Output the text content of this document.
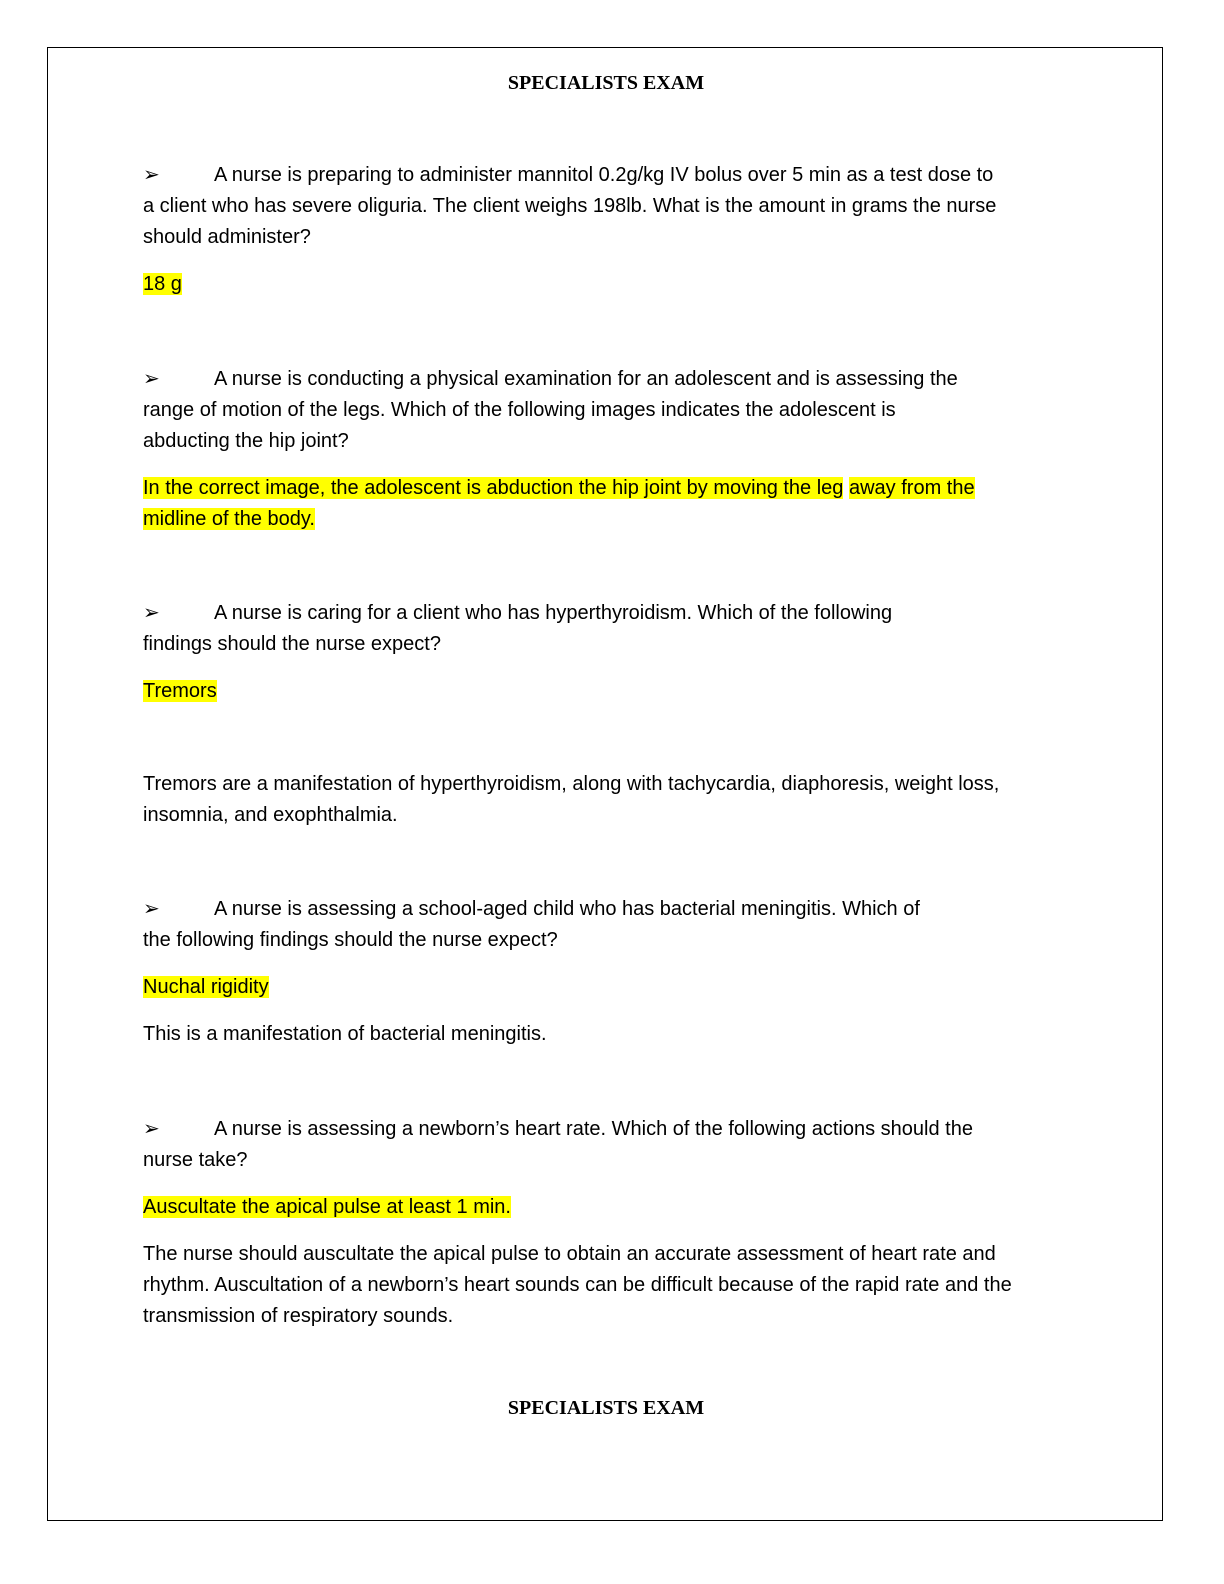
SPECIALISTS EXAM
➢	A nurse is preparing to administer mannitol 0.2g/kg IV bolus over 5 min as a test dose to
a client who has severe oliguria. The client weighs 198lb. What is the amount in grams the nurse should administer?
18 g
➢	A nurse is conducting a physical examination for an adolescent and is assessing the
range of motion of the legs. Which of the following images indicates the adolescent is abducting the hip joint?
In the correct image, the adolescent is abduction the hip joint by moving the leg away from the
midline of the body.
➢	A nurse is caring for a client who has hyperthyroidism. Which of the following
findings should the nurse expect?
Tremors
Tremors are a manifestation of hyperthyroidism, along with tachycardia, diaphoresis, weight loss, insomnia, and exophthalmia.
➢	A nurse is assessing a school-aged child who has bacterial meningitis. Which of
the following findings should the nurse expect?
Nuchal rigidity
This is a manifestation of bacterial meningitis.
➢	A nurse is assessing a newborn’s heart rate. Which of the following actions should the
nurse take?
Auscultate the apical pulse at least 1 min.
The nurse should auscultate the apical pulse to obtain an accurate assessment of heart rate and rhythm. Auscultation of a newborn’s heart sounds can be difficult because of the rapid rate and the transmission of respiratory sounds.
SPECIALISTS EXAM
